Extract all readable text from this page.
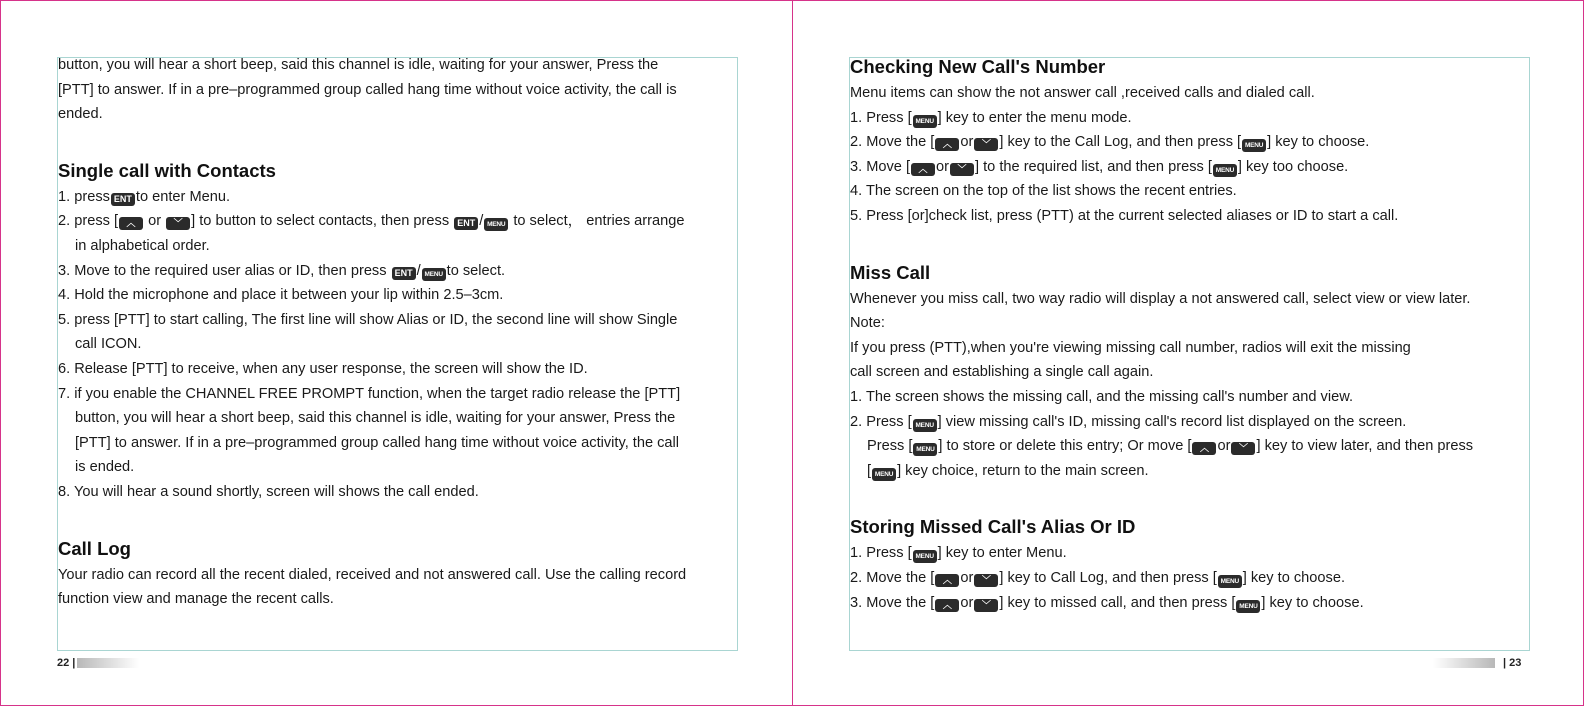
button, you will hear a short beep, said this channel is idle, waiting for your answer, Press the
[PTT] to answer. If in a pre–programmed group called hang time without voice activity, the call is
ended.
Single call with Contacts
1. press ENT to enter Menu.
2. press [ ︿ or ﹀ ] to button to select contacts, then press ENT / MENU to select， entries arrange
in alphabetical order.
3. Move to the required user alias or ID, then press ENT / MENU to select.
4. Hold the microphone and place it between your lip within 2.5–3cm.
5. press [PTT] to start calling, The first line will show Alias or ID, the second line will show Single
call ICON.
6. Release [PTT] to receive, when any user response, the screen will show the ID.
7. if you enable the CHANNEL FREE PROMPT function, when the target radio release the [PTT]
button, you will hear a short beep, said this channel is idle, waiting for your answer, Press the
[PTT] to answer. If in a pre–programmed group called hang time without voice activity, the call
is ended.
8. You will hear a sound shortly, screen will shows the call ended.
Call Log
Your radio can record all the recent dialed, received and not answered call. Use the calling record
function view and manage the recent calls.
22 |
Checking New Call's Number
Menu items can show the not answer call ,received calls and dialed call.
1. Press [ MENU ] key to enter the menu mode.
2. Move the [ ︿ or ﹀ ] key to the Call Log, and then press [ MENU ] key to choose.
3. Move [ ︿ or ﹀ ] to the required list, and then press [ MENU ] key too choose.
4. The screen on the top of the list shows the recent entries.
5. Press [or]check list, press (PTT) at the current selected aliases or ID to start a call.
Miss Call
Whenever you miss call, two way radio will display a not answered call, select view or view later.
Note:
If you press (PTT),when you're viewing missing call number, radios will exit the missing
call screen and establishing a single call again.
1. The screen shows the missing call, and the missing call's number and view.
2. Press [ MENU ] view missing call's ID, missing call's record list displayed on the screen.
Press [ MENU ] to store or delete this entry; Or move [ ︿ or ﹀ ] key to view later, and then press
[ MENU ] key choice, return to the main screen.
Storing Missed Call's Alias Or ID
1. Press [ MENU ] key to enter Menu.
2. Move the [ ︿ or ﹀ ] key to Call Log, and then press [ MENU ] key to choose.
3. Move the [ ︿ or ﹀ ] key to missed call, and then press [ MENU ] key to choose.
| 23
